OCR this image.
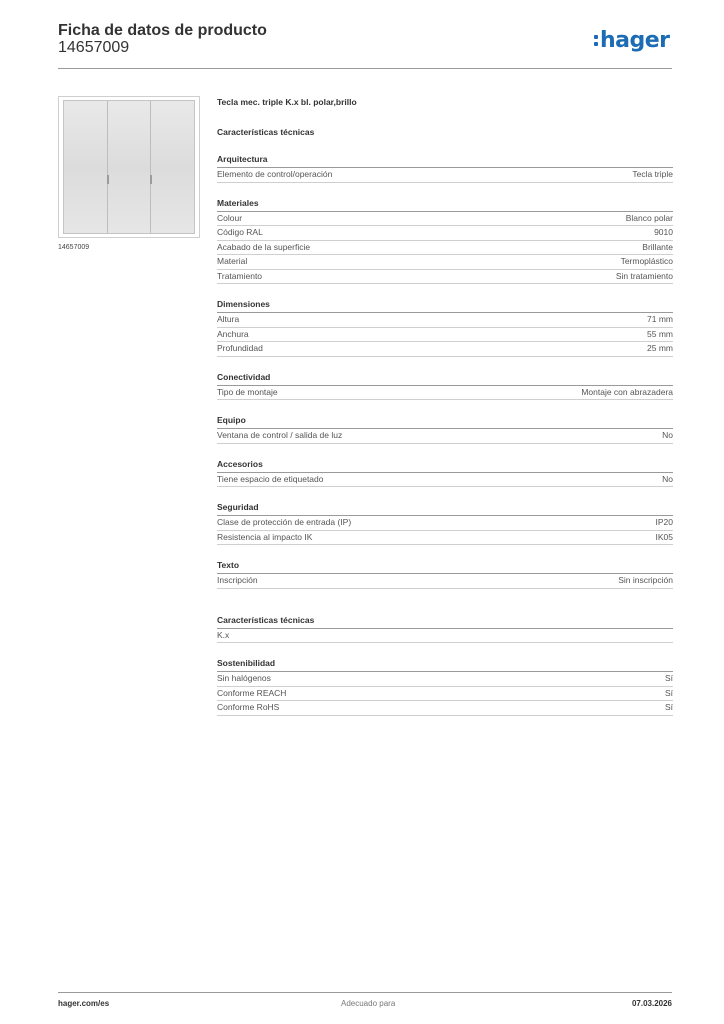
Ficha de datos de producto
14657009	hager
14657009
Tecla mec. triple K.x bl. polar,brillo
Características técnicas
Arquitectura
Elemento de control/operación	Tecla triple
Materiales
Colour	Blanco polar
Código RAL	9010
Acabado de la superficie	Brillante
Material	Termoplástico
Tratamiento	Sin tratamiento
Dimensiones
Altura	71 mm
Anchura	55 mm
Profundidad	25 mm
Conectividad
Tipo de montaje	Montaje con abrazadera
Equipo
Ventana de control / salida de luz	No
Accesorios
Tiene espacio de etiquetado	No
Seguridad
Clase de protección de entrada (IP)	IP20
Resistencia al impacto IK	IK05
Texto
Inscripción	Sin inscripción
Características técnicas
K.x
Sostenibilidad
Sin halógenos	Sí
Conforme REACH	Sí
Conforme RoHS	Sí
hager.com/es	Adecuado para	07.03.2026
